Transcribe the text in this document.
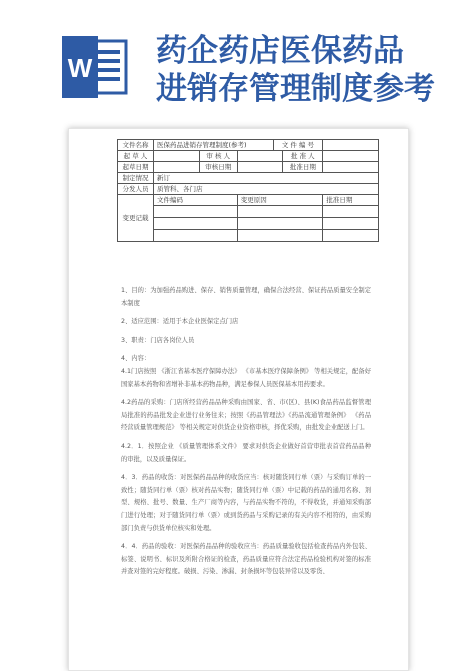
W 药企药店医保药品
进销存管理制度参考
文件名称	医保药品进销存管理制度(参考)			文 件 编 号		
起 草 人		审 核 人			批 准 人	
起草日期		审核日期			批准日期	
制定情况	新订					
分发人员	质管科、各门店					
变更记载	文件编码		变更原因			批准日期

1、目的：为加强药品购进、保存、销售质量管理，确保合法经营、保证药品质量安全制定本制度

2、适应范围：适用于本企业医保定点门店

3、职责：门店各岗位人员

4、内容：

4.1门店按照 《浙江省基本医疗保障办法》 《市基本医疗保障条例》 等相关规定，配备好国家基本药物和省增补非基本药物品种，满足参保人员医保基本用药要求。

4.2药品的采购：门店所经营药品品种采购由国家、省、市(区)、县(K)食品药品监督管理局批准的药品批发企业进行业务往来；按照《药品管理法》《药品流通管理条例》 《药品经营质量管理规范》 等相关规定对供货企业资格审核，择优采购，由批发企业配送上门。

4.2．1．按照企业 《质量管理体系文件》 要求对供货企业做好首营审批表首营药品品种的审批，以及质量保证。

4．3．药品的收货：对医保药品品种的收货应当：核对随货同行单（票）与采购订单的一致性；随货同行单（票）核对药品实物；随货同行单（票）中记载的药品的通用名称、剂型、规格、批号、数量、生产厂商等内容，与药品实物不符的，不得收货，并通知采购部门进行处理；对于随货同行单（票）或到货药品与采购记录的有关内容不相符的，由采购部门负责与供货单位核实和处理。

4．4．药品的验收：对医保药品品种的验收应当：药品质量验收包括检查药品内外包装、标签、说明书、标识及所附合格证的检查，药品质量应符合法定药品检验机构对签的标准并查对签的完好程度。破损、污染、渗漏、封条损坏等包装异常以及零货、
